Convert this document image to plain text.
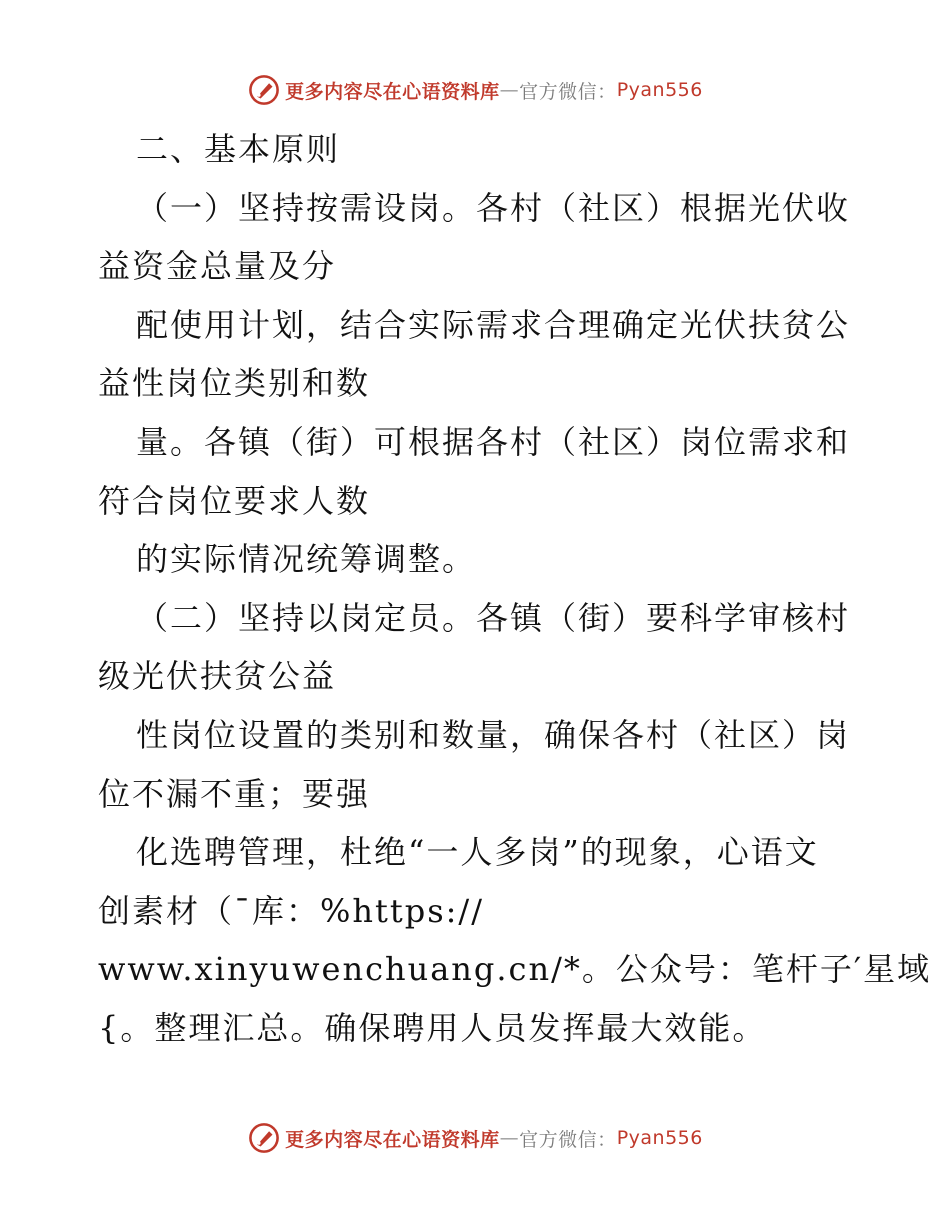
更多内容尽在心语资料库 — 官方微信： Pyan556
二、基本原则
（一）坚持按需设岗。各村（社区）根据光伏收
益资金总量及分
配使用计划，结合实际需求合理确定光伏扶贫公
益性岗位类别和数
量。各镇（街）可根据各村（社区）岗位需求和
符合岗位要求人数
的实际情况统筹调整。
（二）坚持以岗定员。各镇（街）要科学审核村
级光伏扶贫公益
性岗位设置的类别和数量，确保各村（社区）岗
位不漏不重；要强
化选聘管理，杜绝“一人多岗”的现象，心语文
创素材（¯库：%https://
www.xinyuwenchuang.cn/*。公众号：笔杆子′星域
{。整理汇总。确保聘用人员发挥最大效能。
更多内容尽在心语资料库 — 官方微信： Pyan556
